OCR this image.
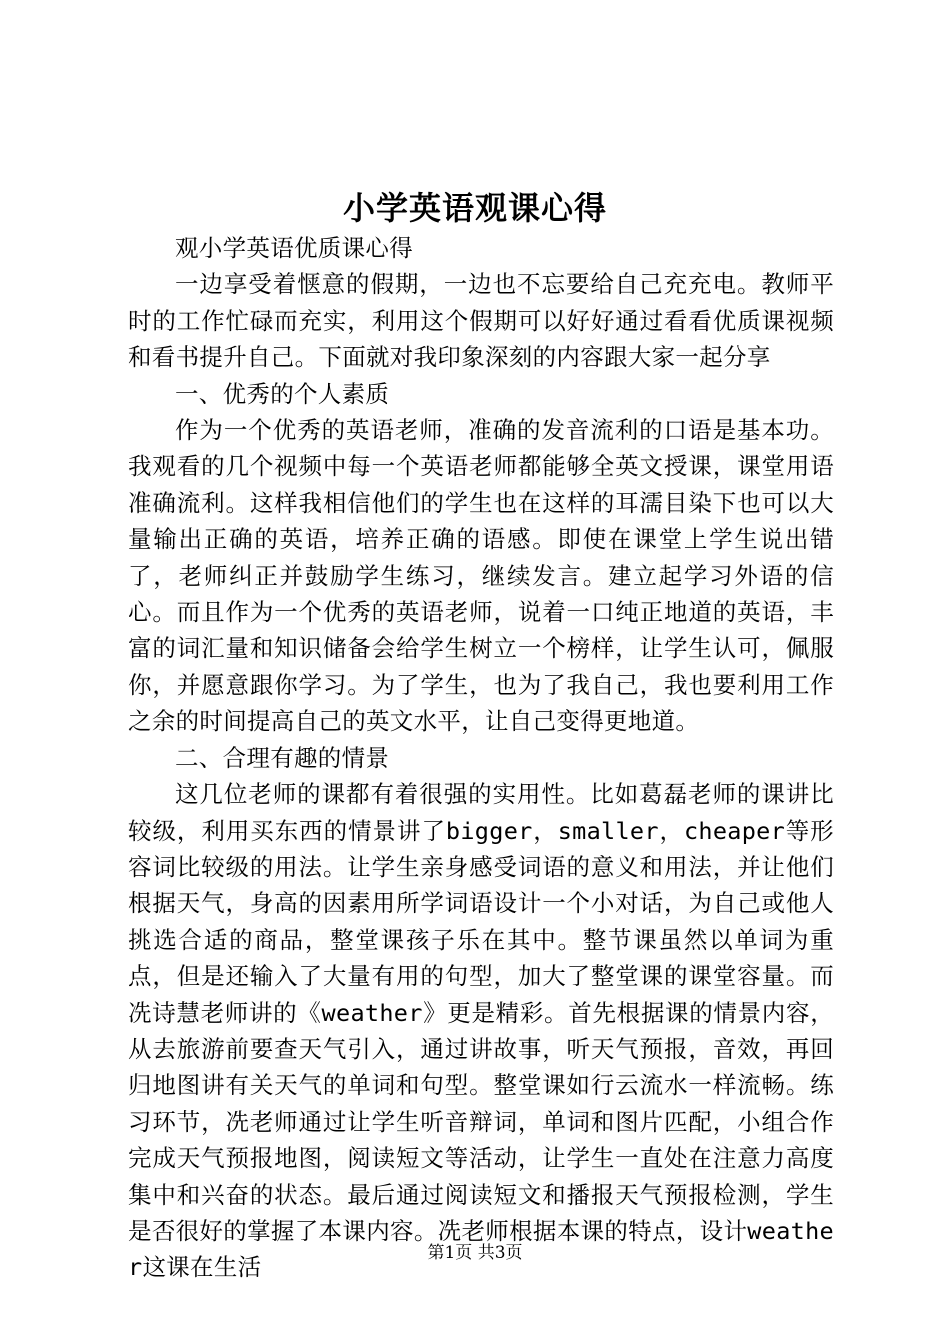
小学英语观课心得

观小学英语优质课心得

一边享受着惬意的假期，一边也不忘要给自己充充电。教师平时的工作忙碌而充实，利用这个假期可以好好通过看看优质课视频和看书提升自己。下面就对我印象深刻的内容跟大家一起分享

一、优秀的个人素质

作为一个优秀的英语老师，准确的发音流利的口语是基本功。我观看的几个视频中每一个英语老师都能够全英文授课，课堂用语准确流利。这样我相信他们的学生也在这样的耳濡目染下也可以大量输出正确的英语，培养正确的语感。即使在课堂上学生说出错了，老师纠正并鼓励学生练习，继续发言。建立起学习外语的信心。而且作为一个优秀的英语老师，说着一口纯正地道的英语，丰富的词汇量和知识储备会给学生树立一个榜样，让学生认可，佩服你，并愿意跟你学习。为了学生，也为了我自己，我也要利用工作之余的时间提高自己的英文水平，让自己变得更地道。

二、合理有趣的情景

这几位老师的课都有着很强的实用性。比如葛磊老师的课讲比较级，利用买东西的情景讲了bigger，smaller，cheaper等形容词比较级的用法。让学生亲身感受词语的意义和用法，并让他们根据天气，身高的因素用所学词语设计一个小对话，为自己或他人挑选合适的商品，整堂课孩子乐在其中。整节课虽然以单词为重点，但是还输入了大量有用的句型，加大了整堂课的课堂容量。而冼诗慧老师讲的《weather》更是精彩。首先根据课的情景内容，从去旅游前要查天气引入，通过讲故事，听天气预报，音效，再回归地图讲有关天气的单词和句型。整堂课如行云流水一样流畅。练习环节，冼老师通过让学生听音辩词，单词和图片匹配，小组合作完成天气预报地图，阅读短文等活动，让学生一直处在注意力高度集中和兴奋的状态。最后通过阅读短文和播报天气预报检测，学生是否很好的掌握了本课内容。冼老师根据本课的特点，设计weather这课在生活

第1页 共3页
